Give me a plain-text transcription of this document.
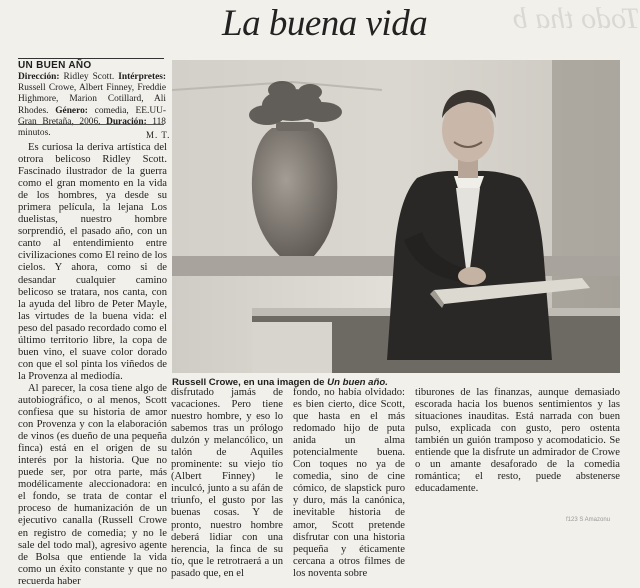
Todo tha b
La buena vida
UN BUEN AÑO
Dirección: Ridley Scott. Intérpretes: Russell Crowe, Albert Finney, Freddie Highmore, Marion Cotillard, Ali Rhodes. Género: comedia, EE.UU-Gran Bretaña, 2006. Duración: 118 minutos.	M. T.

Es curiosa la deriva artística del otrora belicoso Ridley Scott. Fascinado ilustrador de la guerra como el gran momento en la vida de los hombres, ya desde su primera película, la lejana Los duelistas, nuestro hombre sorprendió, el pasado año, con un canto al entendimiento entre civilizaciones como El reino de los cielos. Y ahora, como si de desandar cualquier camino belicoso se tratara, nos canta, con la ayuda del libro de Peter Mayle, las virtudes de la buena vida: el peso del pasado recordado como el último territorio libre, la copa de buen vino, el suave color dorado con que el sol pinta los viñedos de la Provenza al mediodía.

Al parecer, la cosa tiene algo de autobiográfico, o al menos, Scott confiesa que su historia de amor con Provenza y con la elaboración de vinos (es dueño de una pequeña finca) está en el origen de su interés por la historia. Que no puede ser, por otra parte, más modélicamente aleccionadora: en el fondo, se trata de contar el proceso de humanización de un ejecutivo canalla (Russell Crowe en registro de comedia; y no le sale del todo mal), agresivo agente de Bolsa que entiende la vida como un éxito constante y que no recuerda haber

Russell Crowe, en una imagen de Un buen año.

disfrutado jamás de vacaciones. Pero tiene nuestro hombre, y eso lo sabemos tras un prólogo dulzón y melancólico, un talón de Aquiles prominente: su viejo tío (Albert Finney) le inculcó, junto a su afán de triunfo, el gusto por las buenas cosas. Y de pronto, nuestro hombre deberá lidiar con una herencia, la finca de su tío, que le retrotraerá a un pasado que, en el

fondo, no había olvidado: es bien cierto, dice Scott, que hasta en el más redomado hijo de puta anida un alma potencialmente buena. Con toques no ya de comedia, sino de cine cómico, de slapstick puro y duro, más la canónica, inevitable historia de amor, Scott pretende disfrutar con una historia pequeña y éticamente cercana a otros filmes de los noventa sobre

tiburones de las finanzas, aunque demasiado escorada hacia los buenos sentimientos y las situaciones inauditas. Está narrada con buen pulso, explicada con gusto, pero ostenta también un guión tramposo y acomodaticio. Se entiende que la disfrute un admirador de Crowe o un amante desaforado de la comedia romántica; el resto, puede abstenerse educadamente.

f123 S Amazonu
